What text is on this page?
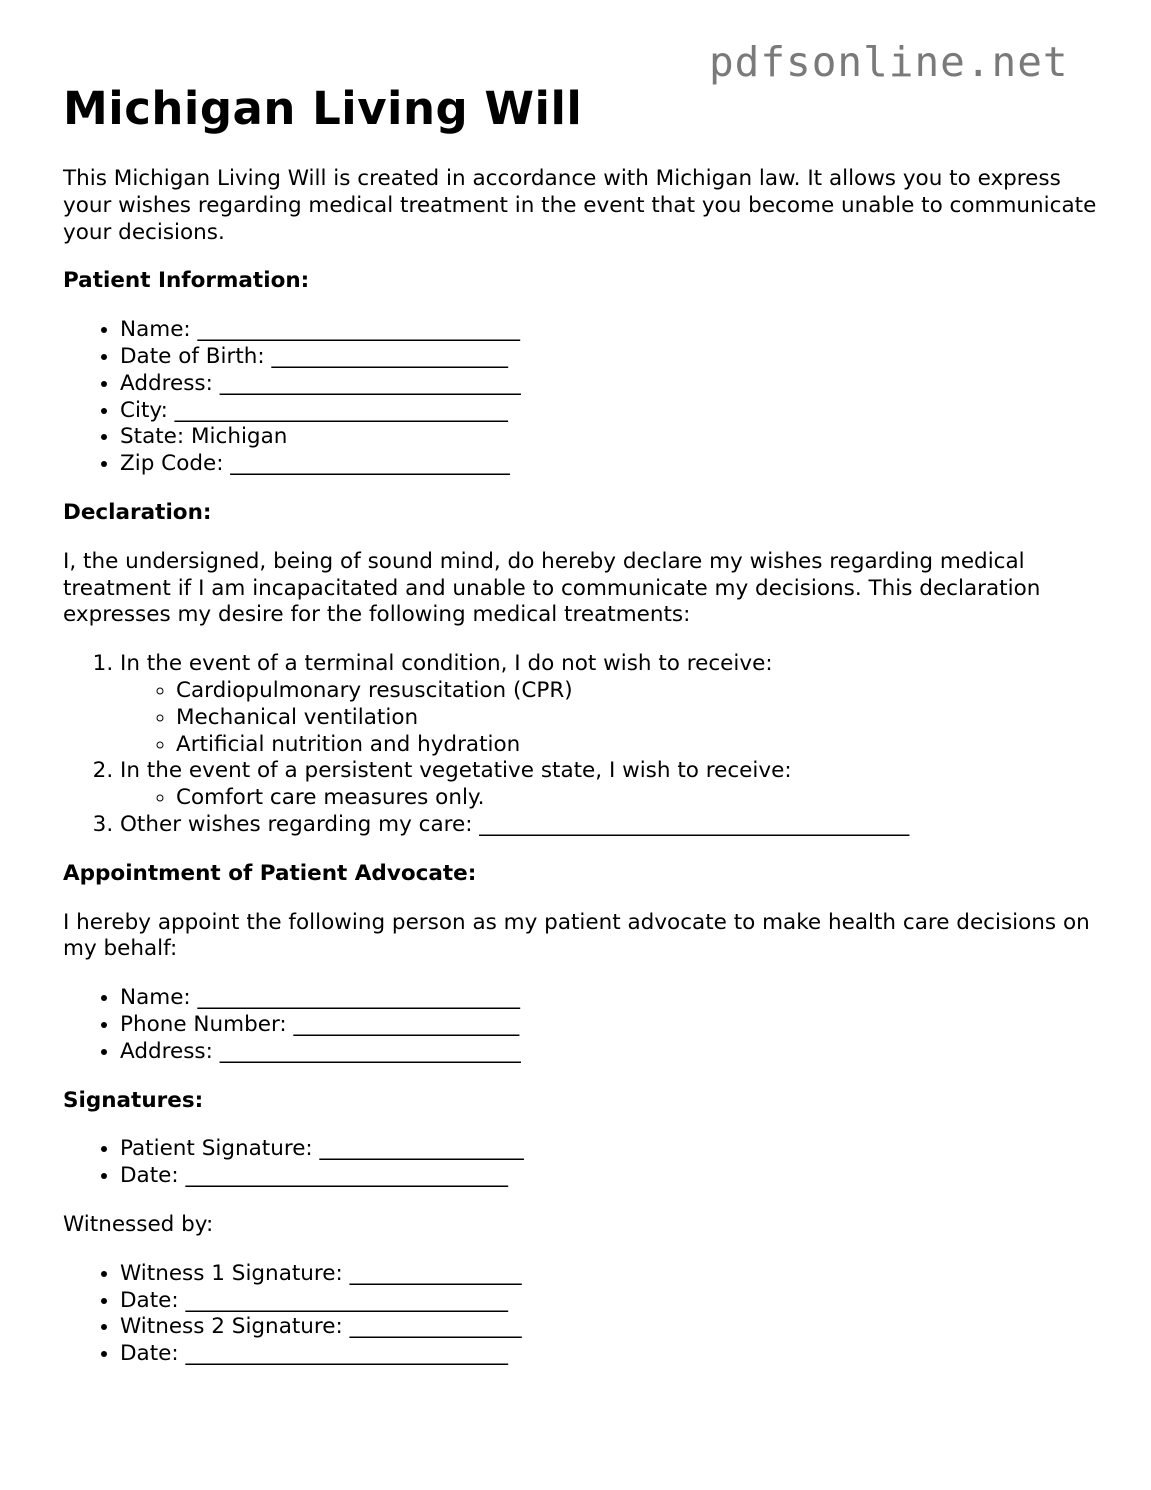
pdfsonline.net
Michigan Living Will

This Michigan Living Will is created in accordance with Michigan law. It allows you to express your wishes regarding medical treatment in the event that you become unable to communicate your decisions.

Patient Information:
• Name: ______________________________
• Date of Birth: ______________________
• Address: ____________________________
• City: _______________________________
• State: Michigan
• Zip Code: __________________________
Declaration:

I, the undersigned, being of sound mind, do hereby declare my wishes regarding medical treatment if I am incapacitated and unable to communicate my decisions. This declaration expresses my desire for the following medical treatments:

1. In the event of a terminal condition, I do not wish to receive:
◦ Cardiopulmonary resuscitation (CPR)
◦ Mechanical ventilation
◦ Artificial nutrition and hydration
2. In the event of a persistent vegetative state, I wish to receive:
◦ Comfort care measures only.
3. Other wishes regarding my care: ________________________________________
Appointment of Patient Advocate:

I hereby appoint the following person as my patient advocate to make health care decisions on my behalf:

• Name: ______________________________
• Phone Number: _____________________
• Address: ____________________________
Signatures:
• Patient Signature: ___________________
• Date: ______________________________

Witnessed by:

• Witness 1 Signature: ________________
• Date: ______________________________
• Witness 2 Signature: ________________
• Date: ______________________________
